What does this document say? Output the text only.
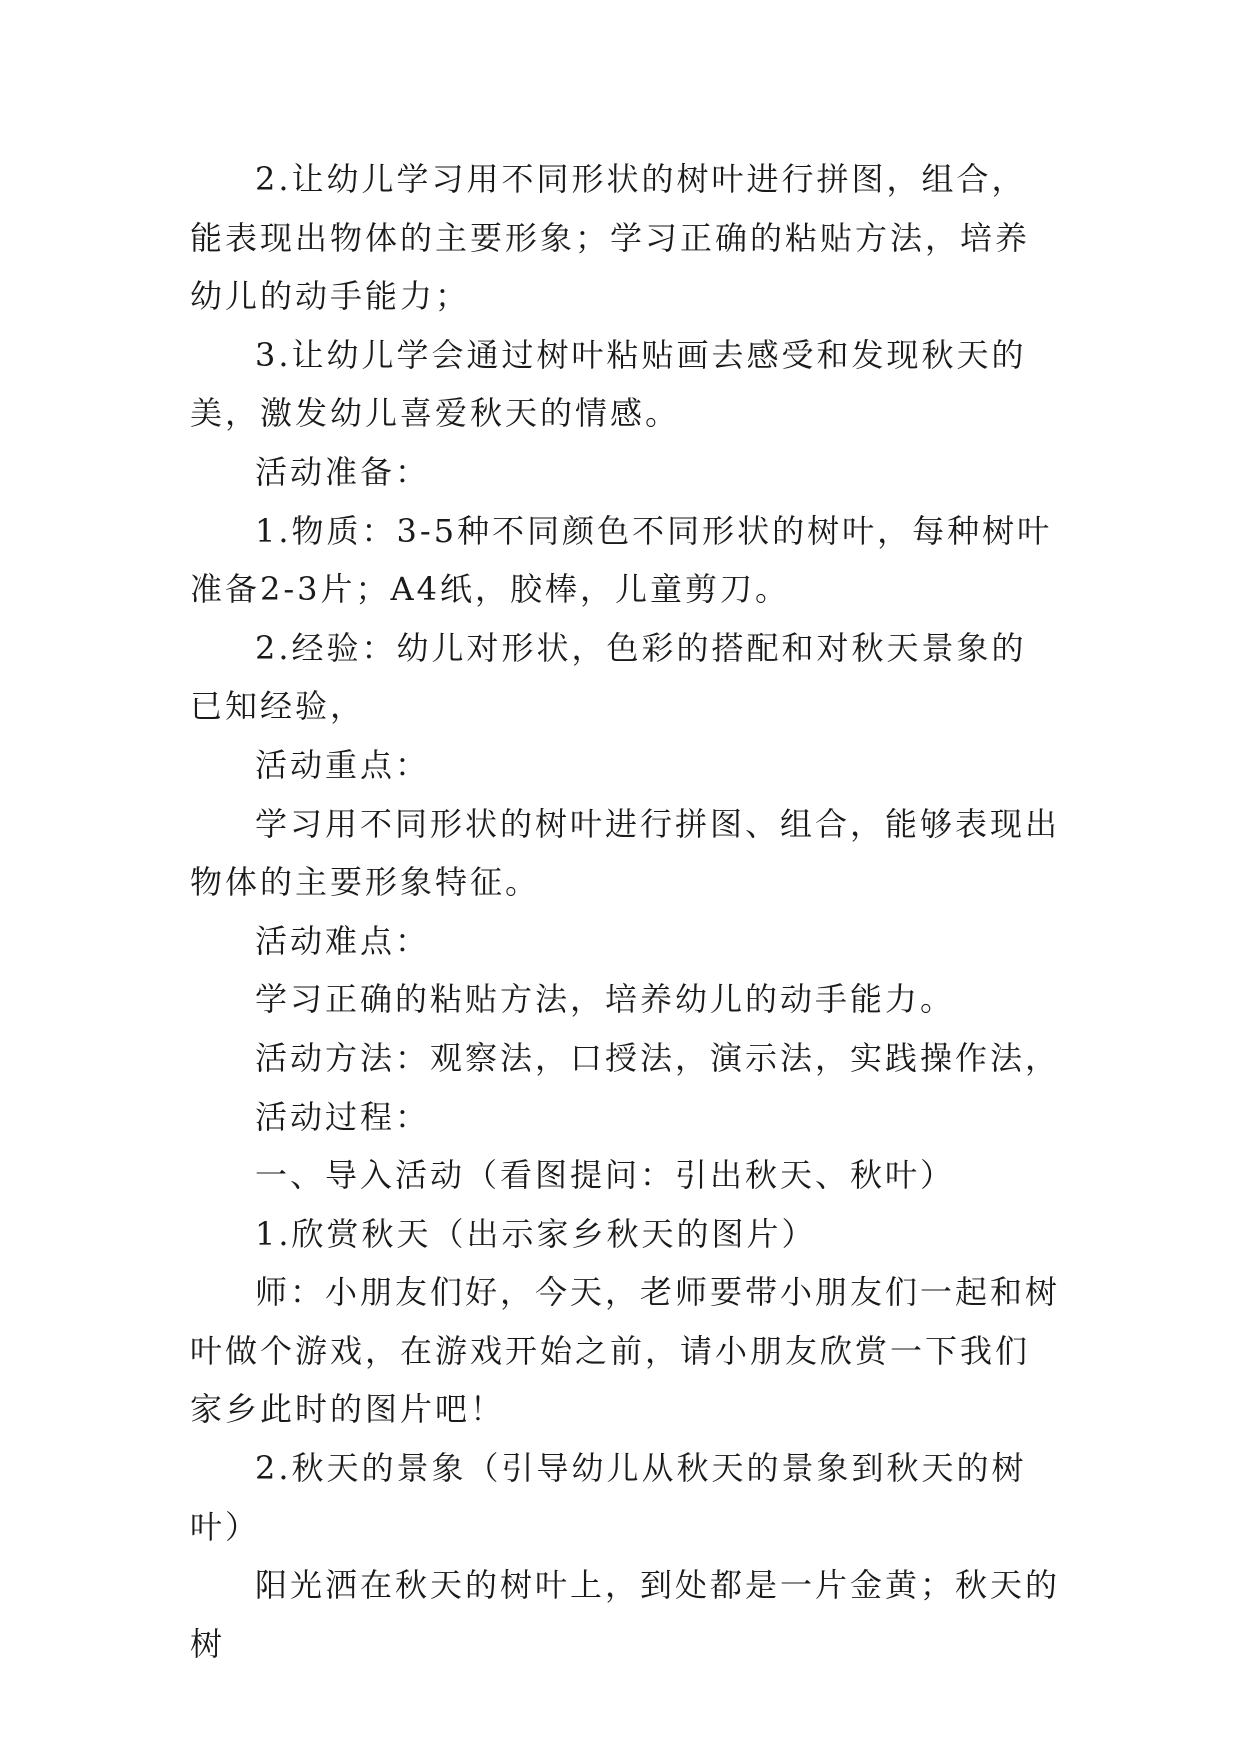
2.让幼儿学习用不同形状的树叶进行拼图，组合，能表现出物体的主要形象；学习正确的粘贴方法，培养幼儿的动手能力；

3.让幼儿学会通过树叶粘贴画去感受和发现秋天的美，激发幼儿喜爱秋天的情感。

活动准备：

1.物质：3-5种不同颜色不同形状的树叶，每种树叶准备2-3片；A4纸，胶棒，儿童剪刀。

2.经验：幼儿对形状，色彩的搭配和对秋天景象的已知经验，

活动重点：

学习用不同形状的树叶进行拼图、组合，能够表现出物体的主要形象特征。

活动难点：

学习正确的粘贴方法，培养幼儿的动手能力。

活动方法：观察法，口授法，演示法，实践操作法，

活动过程：

一、导入活动（看图提问：引出秋天、秋叶）

1.欣赏秋天（出示家乡秋天的图片）

师：小朋友们好，今天，老师要带小朋友们一起和树叶做个游戏，在游戏开始之前，请小朋友欣赏一下我们家乡此时的图片吧！

2.秋天的景象（引导幼儿从秋天的景象到秋天的树叶）

阳光洒在秋天的树叶上，到处都是一片金黄；秋天的树
